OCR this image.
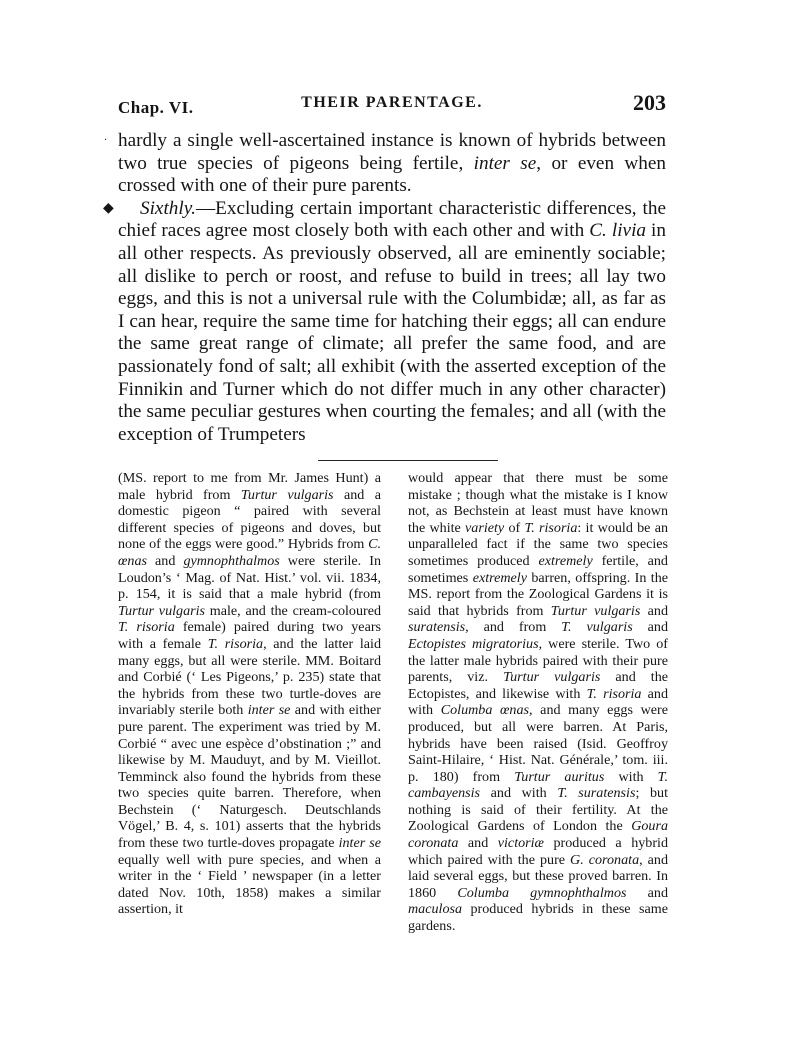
Chap. VI.	THEIR PARENTAGE.	203
·
◆

hardly a single well-ascertained instance is known of hybrids between two true species of pigeons being fertile, inter se, or even when crossed with one of their pure parents.

Sixthly.—Excluding certain important characteristic differences, the chief races agree most closely both with each other and with C. livia in all other respects. As previously observed, all are eminently sociable; all dislike to perch or roost, and refuse to build in trees; all lay two eggs, and this is not a universal rule with the Columbidæ; all, as far as I can hear, require the same time for hatching their eggs; all can endure the same great range of climate; all prefer the same food, and are passionately fond of salt; all exhibit (with the asserted exception of the Finnikin and Turner which do not differ much in any other character) the same peculiar gestures when courting the females; and all (with the exception of Trumpeters

(MS. report to me from Mr. James Hunt) a male hybrid from Turtur vulgaris and a domestic pigeon “ paired with several different species of pigeons and doves, but none of the eggs were good.” Hybrids from C. œnas and gymnophthalmos were sterile. In Loudon’s ‘ Mag. of Nat. Hist.’ vol. vii. 1834, p. 154, it is said that a male hybrid (from Turtur vulgaris male, and the cream-coloured T. risoria female) paired during two years with a female T. risoria, and the latter laid many eggs, but all were sterile. MM. Boitard and Corbié (‘ Les Pigeons,’ p. 235) state that the hybrids from these two turtle-doves are invariably sterile both inter se and with either pure parent. The experiment was tried by M. Corbié “ avec une espèce d’obstination ;” and likewise by M. Mauduyt, and by M. Vieillot. Temminck also found the hybrids from these two species quite barren. Therefore, when Bechstein (‘ Naturgesch. Deutschlands Vögel,’ B. 4, s. 101) asserts that the hybrids from these two turtle-doves propagate inter se equally well with pure species, and when a writer in the ‘ Field ’ newspaper (in a letter dated Nov. 10th, 1858) makes a similar assertion, it

would appear that there must be some mistake ; though what the mistake is I know not, as Bechstein at least must have known the white variety of T. risoria: it would be an unparalleled fact if the same two species sometimes produced extremely fertile, and sometimes extremely barren, offspring. In the MS. report from the Zoological Gardens it is said that hybrids from Turtur vulgaris and suratensis, and from T. vulgaris and Ectopistes migratorius, were sterile. Two of the latter male hybrids paired with their pure parents, viz. Turtur vulgaris and the Ectopistes, and likewise with T. risoria and with Columba œnas, and many eggs were produced, but all were barren. At Paris, hybrids have been raised (Isid. Geoffroy Saint-Hilaire, ‘ Hist. Nat. Générale,’ tom. iii. p. 180) from Turtur auritus with T. cambayensis and with T. suratensis; but nothing is said of their fertility. At the Zoological Gardens of London the Goura coronata and victoriæ produced a hybrid which paired with the pure G. coronata, and laid several eggs, but these proved barren. In 1860 Columba gymnophthalmos and maculosa produced hybrids in these same gardens.
